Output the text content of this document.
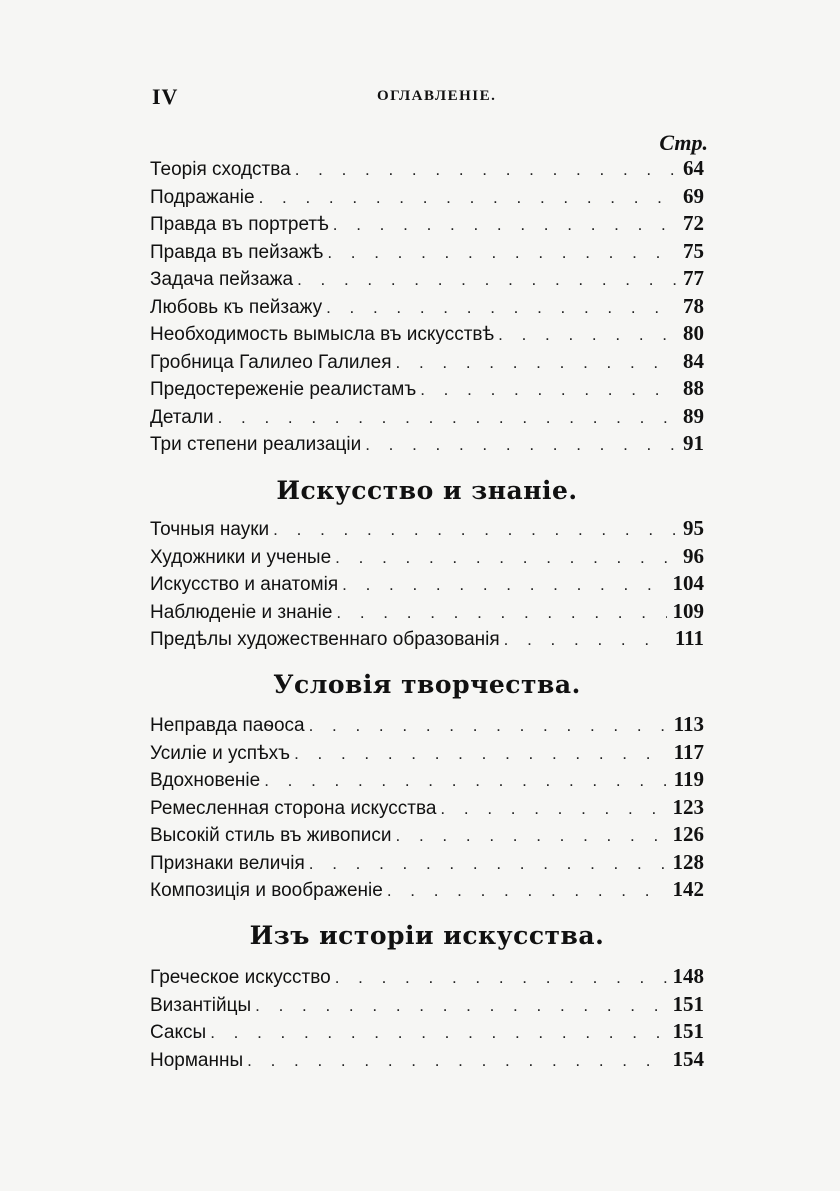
IV	ОГЛАВЛЕНІЕ.
Стр.
Теорія сходства . . .	64
Подражаніе . . .	69
Правда въ портретѣ . . .	72
Правда въ пейзажѣ . . .	75
Задача пейзажа . . .	77
Любовь къ пейзажу . . .	78
Необходимость вымысла въ искусствѣ . . .	80
Гробница Галилео Галилея . . .	84
Предостереженіе реалистамъ . . .	88
Детали . . .	89
Три степени реализаціи . . .	91
Искусство и знаніе.
Точныя науки . . .	95
Художники и ученые . . .	96
Искусство и анатомія . . .	104
Наблюденіе и знаніе . . .	109
Предѣлы художественнаго образованія . . .	111
Условія творчества.
Неправда паѳоса . . .	113
Усиліе и успѣхъ . . .	117
Вдохновеніе . . .	119
Ремесленная сторона искусства . . .	123
Высокій стиль въ живописи . . .	126
Признаки величія . . .	128
Композиція и воображеніе . . .	142
Изъ исторіи искусства.
Греческое искусство . . .	148
Византійцы . . .	151
Саксы . . .	151
Норманны . . .	154
